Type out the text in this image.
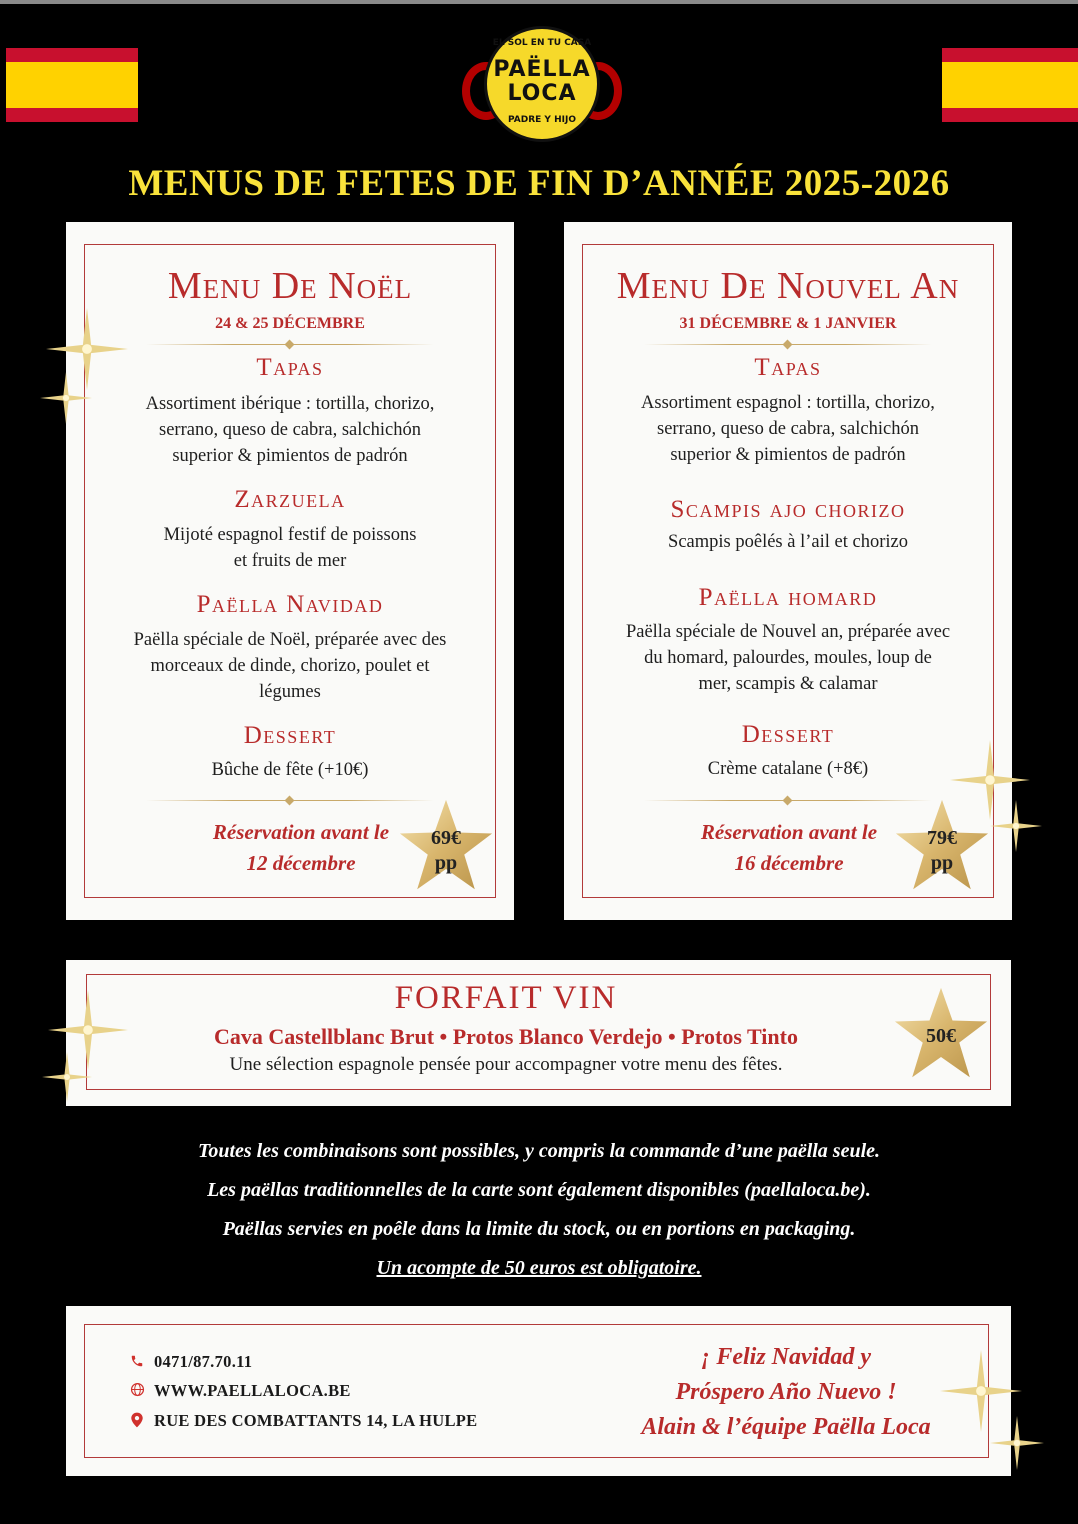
EL SOL EN TU CASA
PAËLLA
LOCA
PADRE Y HIJO
MENUS DE FETES DE FIN D’ANNÉE 2025-2026
Menu De Noël
24 & 25 DÉCEMBRE
Tapas
Assortiment ibérique : tortilla, chorizo,
serrano, queso de cabra, salchichón
superior & pimientos de padrón
Zarzuela
Mijoté espagnol festif de poissons
et fruits de mer
Paëlla Navidad
Paëlla spéciale de Noël, préparée avec des
morceaux de dinde, chorizo, poulet et
légumes
Dessert
Bûche de fête (+10€)
Réservation avant le
12 décembre
69€
pp
Menu De Nouvel An
31 DÉCEMBRE & 1 JANVIER
Tapas
Assortiment espagnol : tortilla, chorizo,
serrano, queso de cabra, salchichón
superior & pimientos de padrón
Scampis ajo chorizo
Scampis poêlés à l’ail et chorizo
Paëlla homard
Paëlla spéciale de Nouvel an, préparée avec
du homard, palourdes, moules, loup de
mer, scampis & calamar
Dessert
Crème catalane (+8€)
Réservation avant le
16 décembre
79€
pp
FORFAIT VIN
Cava Castellblanc Brut • Protos Blanco Verdejo • Protos Tinto
Une sélection espagnole pensée pour accompagner votre menu des fêtes.
50€
Toutes les combinaisons sont possibles, y compris la commande d’une paëlla seule.
Les paëllas traditionnelles de la carte sont également disponibles (paellaloca.be).
Paëllas servies en poêle dans la limite du stock, ou en portions en packaging.
Un acompte de 50 euros est obligatoire.
0471/87.70.11
WWW.PAELLALOCA.BE
RUE DES COMBATTANTS 14, LA HULPE
¡ Feliz Navidad y
Próspero Año Nuevo !
Alain & l’équipe Paëlla Loca
